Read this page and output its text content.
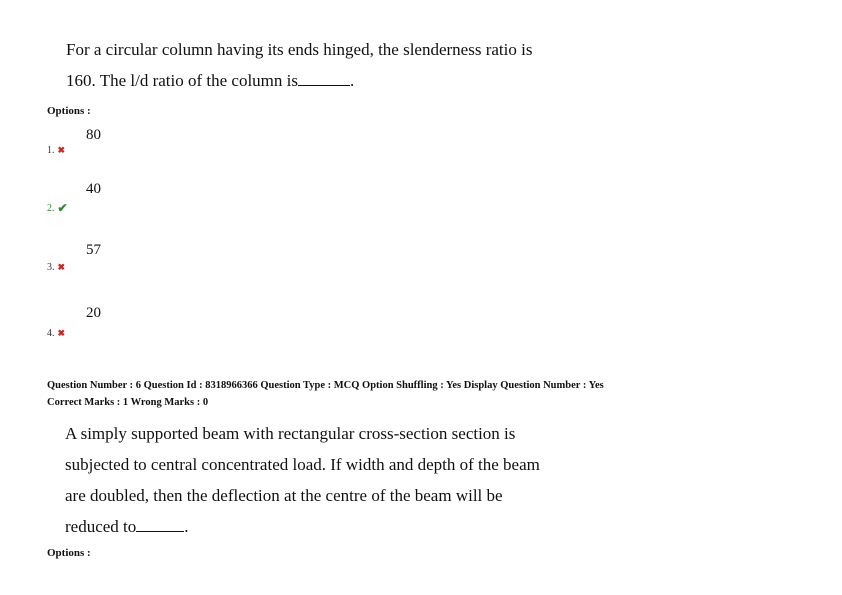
For a circular column having its ends hinged, the slenderness ratio is
160. The l/d ratio of the column is	.
Options :
80
1. ✖
40
2. ✔
57
3. ✖
20
4. ✖
Question Number : 6 Question Id : 8318966366 Question Type : MCQ Option Shuffling : Yes Display Question Number : Yes
Correct Marks : 1 Wrong Marks : 0
A simply supported beam with rectangular cross-section section is
subjected to central concentrated load. If width and depth of the beam
are doubled, then the deflection at the centre of the beam will be
reduced to	.
Options :
